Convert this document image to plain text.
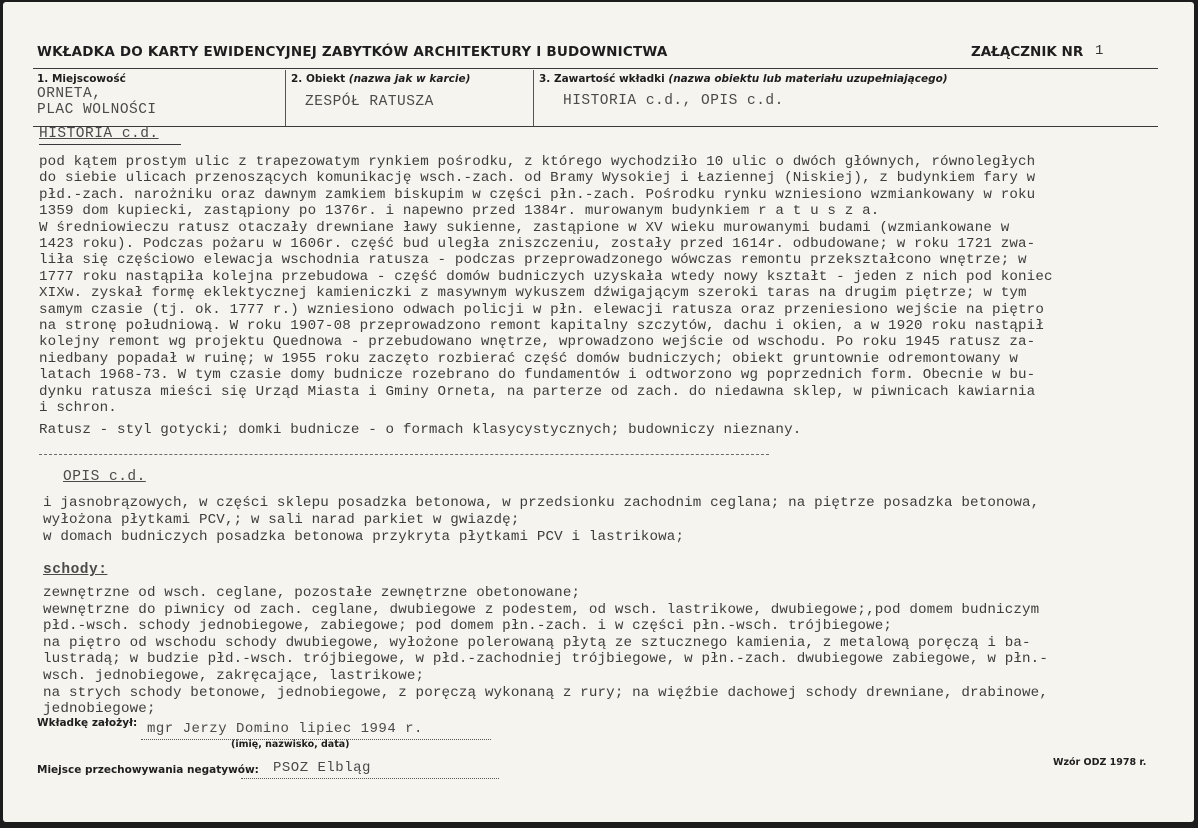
WKŁADKA DO KARTY EWIDENCYJNEJ ZABYTKÓW ARCHITEKTURY I BUDOWNICTWA	ZAŁĄCZNIK NR 1
1. Miejscowość
ORNETA,
PLAC WOLNOŚCI
2. Obiekt (nazwa jak w karcie)
ZESPÓŁ RATUSZA
3. Zawartość wkładki (nazwa obiektu lub materiału uzupełniającego)
HISTORIA c.d., OPIS c.d.
HISTORIA c.d.
pod kątem prostym ulic z trapezowatym rynkiem pośrodku, z którego wychodziło 10 ulic o dwóch głównych, równoległych
do siebie ulicach przenoszących komunikację wsch.-zach. od Bramy Wysokiej i Łaziennej (Niskiej), z budynkiem fary w
płd.-zach. narożniku oraz dawnym zamkiem biskupim w części płn.-zach. Pośrodku rynku wzniesiono wzmiankowany w roku
1359 dom kupiecki, zastąpiony po 1376r. i napewno przed 1384r. murowanym budynkiem r a t u s z a.
W średniowieczu ratusz otaczały drewniane ławy sukienne, zastąpione w XV wieku murowanymi budami (wzmiankowane w
1423 roku). Podczas pożaru w 1606r. część bud uległa zniszczeniu, zostały przed 1614r. odbudowane; w roku 1721 zwa-
liła się częściowo elewacja wschodnia ratusza - podczas przeprowadzonego wówczas remontu przekształcono wnętrze; w
1777 roku nastąpiła kolejna przebudowa - część domów budniczych uzyskała wtedy nowy kształt - jeden z nich pod koniec
XIXw. zyskał formę eklektycznej kamieniczki z masywnym wykuszem dźwigającym szeroki taras na drugim piętrze; w tym
samym czasie (tj. ok. 1777 r.) wzniesiono odwach policji w płn. elewacji ratusza oraz przeniesiono wejście na piętro
na stronę południową. W roku 1907-08 przeprowadzono remont kapitalny szczytów, dachu i okien, a w 1920 roku nastąpił
kolejny remont wg projektu Quednowa - przebudowano wnętrze, wprowadzono wejście od wschodu. Po roku 1945 ratusz za-
niedbany popadał w ruinę; w 1955 roku zaczęto rozbierać część domów budniczych; obiekt gruntownie odremontowany w
latach 1968-73. W tym czasie domy budnicze rozebrano do fundamentów i odtworzono wg poprzednich form. Obecnie w bu-
dynku ratusza mieści się Urząd Miasta i Gminy Orneta, na parterze od zach. do niedawna sklep, w piwnicach kawiarnia
i schron.
Ratusz - styl gotycki; domki budnicze - o formach klasycystycznych; budowniczy nieznany.
OPIS c.d.
i jasnobrązowych, w części sklepu posadzka betonowa, w przedsionku zachodnim ceglana; na piętrze posadzka betonowa,
wyłożona płytkami PCV,; w sali narad parkiet w gwiazdę;
w domach budniczych posadzka betonowa przykryta płytkami PCV i lastrikowa;
schody:
zewnętrzne od wsch. ceglane, pozostałe zewnętrzne obetonowane;
wewnętrzne do piwnicy od zach. ceglane, dwubiegowe z podestem, od wsch. lastrikowe, dwubiegowe;,pod domem budniczym
płd.-wsch. schody jednobiegowe, zabiegowe; pod domem płn.-zach. i w części płn.-wsch. trójbiegowe;
na piętro od wschodu schody dwubiegowe, wyłożone polerowaną płytą ze sztucznego kamienia, z metalową poręczą i ba-
lustradą; w budzie płd.-wsch. trójbiegowe, w płd.-zachodniej trójbiegowe, w płn.-zach. dwubiegowe zabiegowe, w płn.-
wsch. jednobiegowe, zakręcające, lastrikowe;
na strych schody betonowe, jednobiegowe, z poręczą wykonaną z rury; na więźbie dachowej schody drewniane, drabinowe,
jednobiegowe;
Wkładkę założył: mgr Jerzy Domino lipiec 1994 r.
(imię, nazwisko, data)
Miejsce przechowywania negatywów: PSOZ Elbląg	Wzór ODZ 1978 r.
